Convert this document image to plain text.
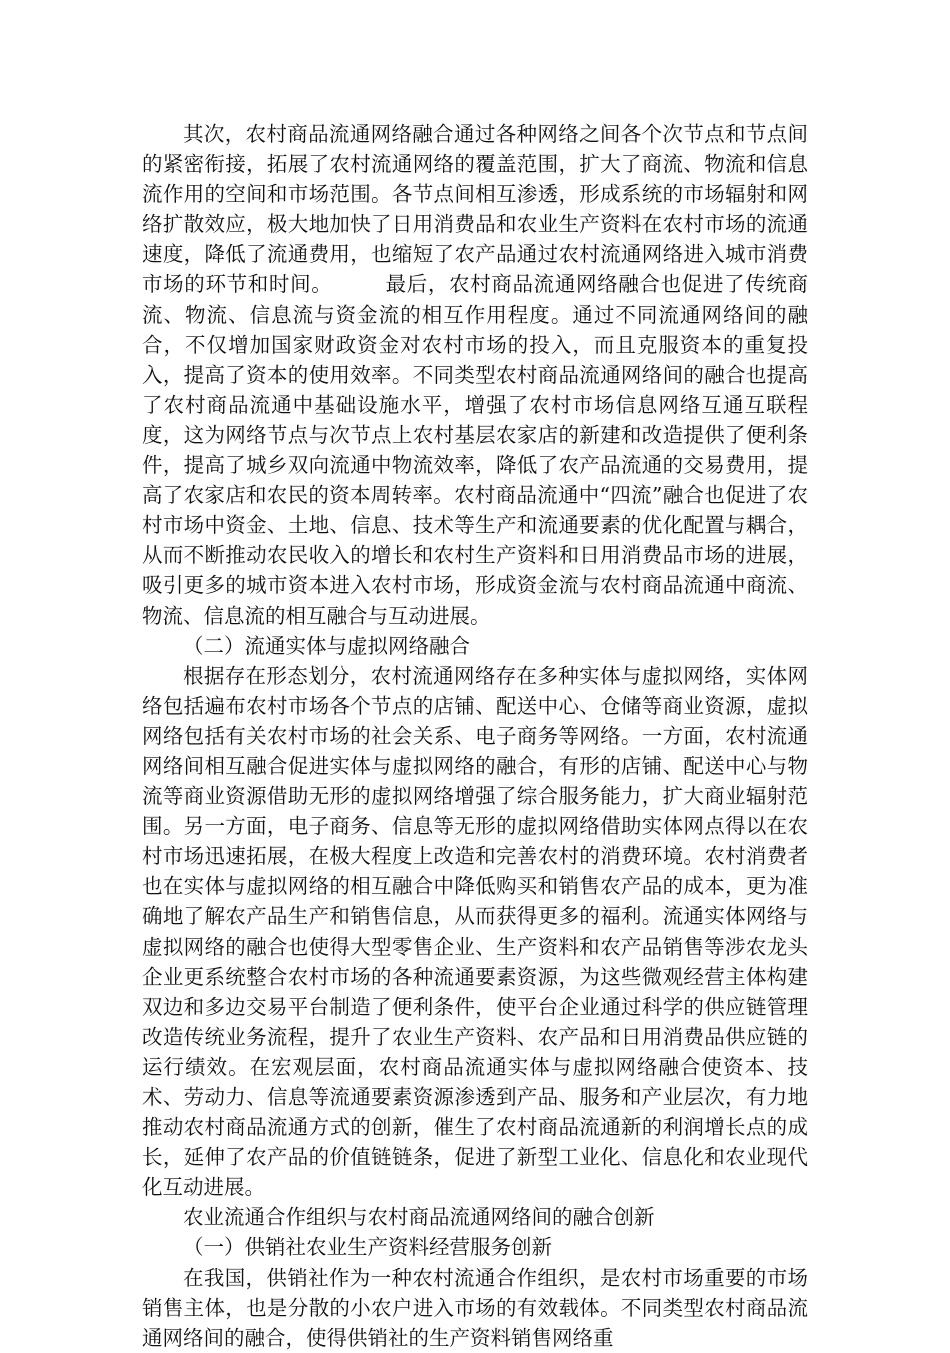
其次，农村商品流通网络融合通过各种网络之间各个次节点和节点间的紧密衔接，拓展了农村流通网络的覆盖范围，扩大了商流、物流和信息流作用的空间和市场范围。各节点间相互渗透，形成系统的市场辐射和网络扩散效应，极大地加快了日用消费品和农业生产资料在农村市场的流通速度，降低了流通费用，也缩短了农产品通过农村流通网络进入城市消费市场的环节和时间。　　　最后，农村商品流通网络融合也促进了传统商流、物流、信息流与资金流的相互作用程度。通过不同流通网络间的融合，不仅增加国家财政资金对农村市场的投入，而且克服资本的重复投入，提高了资本的使用效率。不同类型农村商品流通网络间的融合也提高了农村商品流通中基础设施水平，增强了农村市场信息网络互通互联程度，这为网络节点与次节点上农村基层农家店的新建和改造提供了便利条件，提高了城乡双向流通中物流效率，降低了农产品流通的交易费用，提高了农家店和农民的资本周转率。农村商品流通中“四流”融合也促进了农村市场中资金、土地、信息、技术等生产和流通要素的优化配置与耦合，从而不断推动农民收入的增长和农村生产资料和日用消费品市场的进展，吸引更多的城市资本进入农村市场，形成资金流与农村商品流通中商流、物流、信息流的相互融合与互动进展。

（二）流通实体与虚拟网络融合

根据存在形态划分，农村流通网络存在多种实体与虚拟网络，实体网络包括遍布农村市场各个节点的店铺、配送中心、仓储等商业资源，虚拟网络包括有关农村市场的社会关系、电子商务等网络。一方面，农村流通网络间相互融合促进实体与虚拟网络的融合，有形的店铺、配送中心与物流等商业资源借助无形的虚拟网络增强了综合服务能力，扩大商业辐射范围。另一方面，电子商务、信息等无形的虚拟网络借助实体网点得以在农村市场迅速拓展，在极大程度上改造和完善农村的消费环境。农村消费者也在实体与虚拟网络的相互融合中降低购买和销售农产品的成本，更为准确地了解农产品生产和销售信息，从而获得更多的福利。流通实体网络与虚拟网络的融合也使得大型零售企业、生产资料和农产品销售等涉农龙头企业更系统整合农村市场的各种流通要素资源，为这些微观经营主体构建双边和多边交易平台制造了便利条件，使平台企业通过科学的供应链管理改造传统业务流程，提升了农业生产资料、农产品和日用消费品供应链的运行绩效。在宏观层面，农村商品流通实体与虚拟网络融合使资本、技术、劳动力、信息等流通要素资源渗透到产品、服务和产业层次，有力地推动农村商品流通方式的创新，催生了农村商品流通新的利润增长点的成长，延伸了农产品的价值链链条，促进了新型工业化、信息化和农业现代化互动进展。

农业流通合作组织与农村商品流通网络间的融合创新

（一）供销社农业生产资料经营服务创新

在我国，供销社作为一种农村流通合作组织，是农村市场重要的市场销售主体，也是分散的小农户进入市场的有效载体。不同类型农村商品流通网络间的融合，使得供销社的生产资料销售网络重
